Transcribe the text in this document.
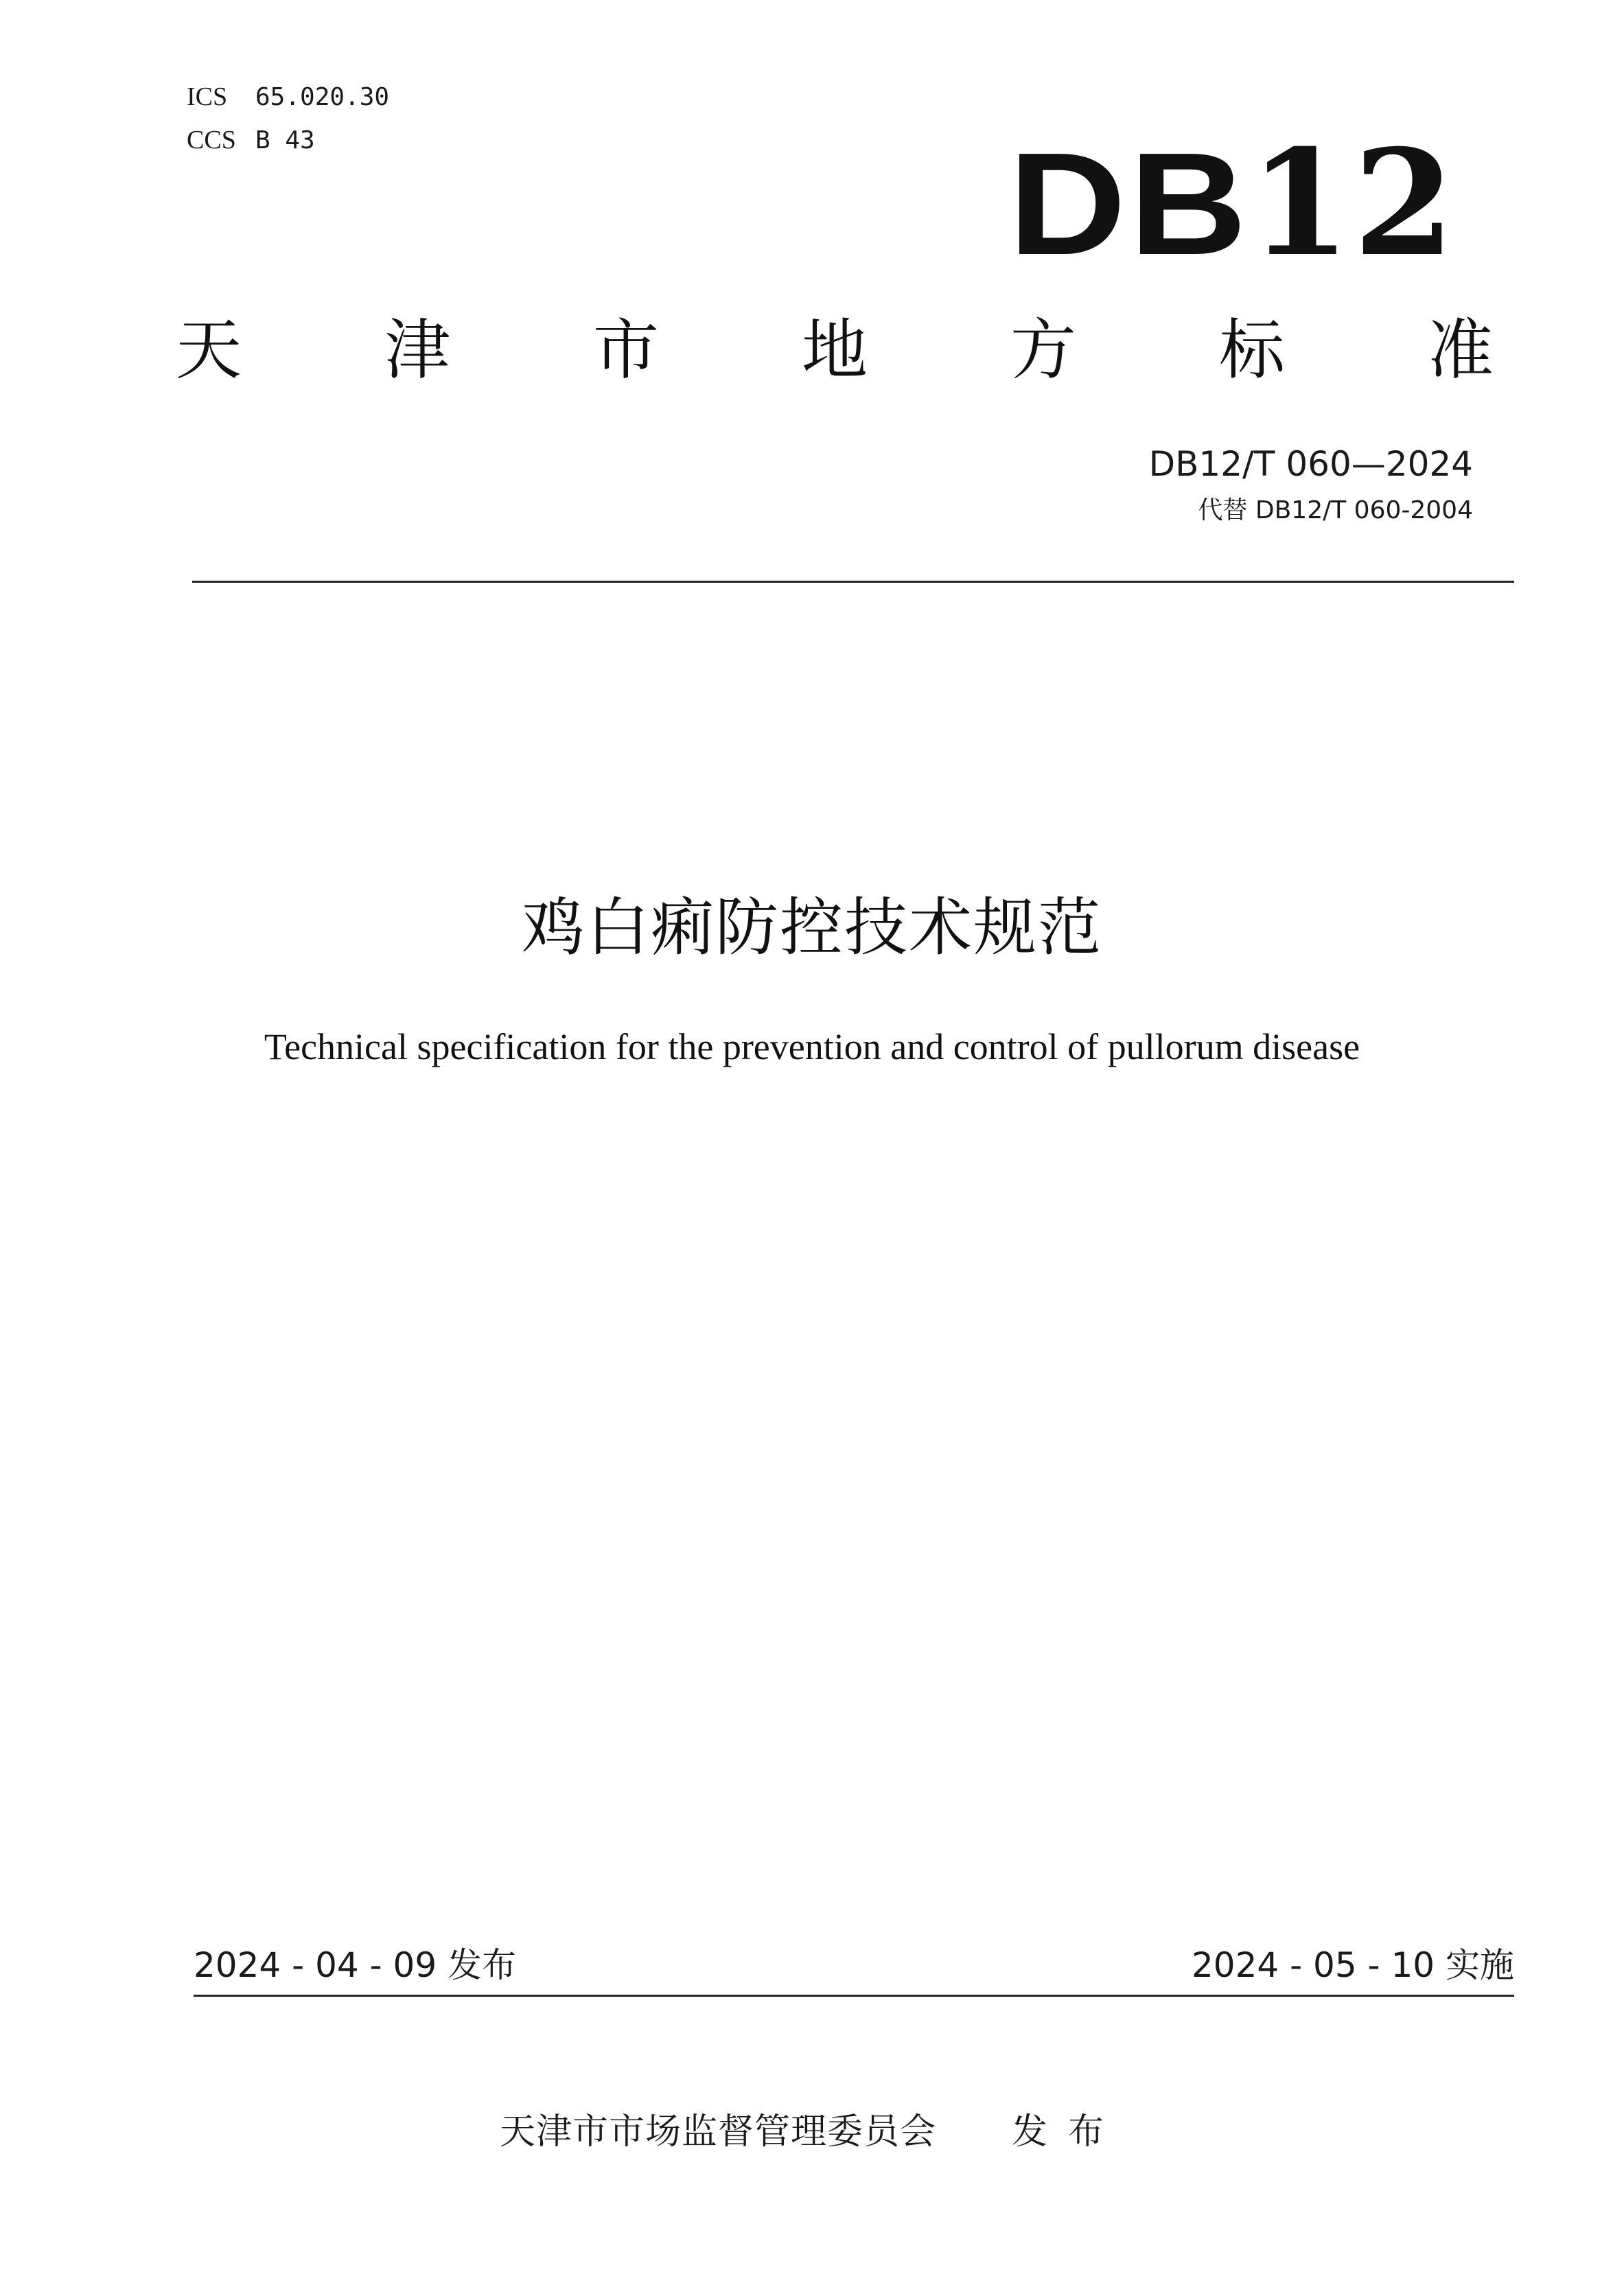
ICS	65.020.30
CCS B 43	DB12
天 津 市 地 方 标 准
DB12/T 060—2024
代替 DB12/T 060-2004
鸡白痢防控技术规范
Technical specification for the prevention and control of pullorum disease
2024 - 04 - 09 发布	2024 - 05 - 10 实施
天津市市场监督管理委员会 发布
